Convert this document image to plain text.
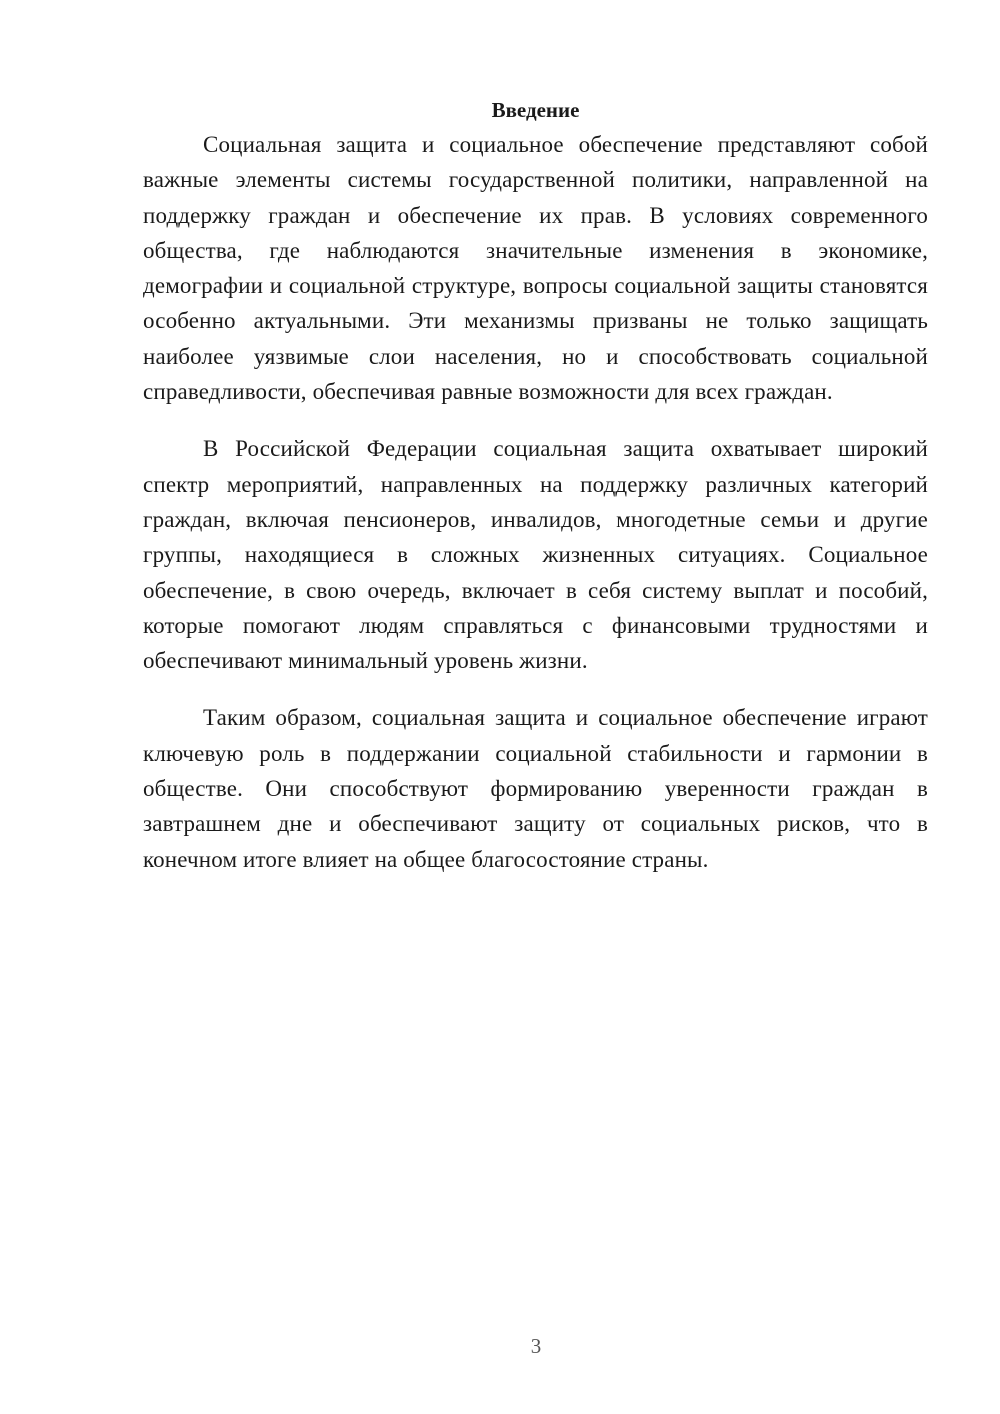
Введение

Социальная защита и социальное обеспечение представляют собой важные элементы системы государственной политики, направленной на поддержку граждан и обеспечение их прав. В условиях современного общества, где наблюдаются значительные изменения в экономике, демографии и социальной структуре, вопросы социальной защиты становятся особенно актуальными. Эти механизмы призваны не только защищать наиболее уязвимые слои населения, но и способствовать социальной справедливости, обеспечивая равные возможности для всех граждан.

В Российской Федерации социальная защита охватывает широкий спектр мероприятий, направленных на поддержку различных категорий граждан, включая пенсионеров, инвалидов, многодетные семьи и другие группы, находящиеся в сложных жизненных ситуациях. Социальное обеспечение, в свою очередь, включает в себя систему выплат и пособий, которые помогают людям справляться с финансовыми трудностями и обеспечивают минимальный уровень жизни.

Таким образом, социальная защита и социальное обеспечение играют ключевую роль в поддержании социальной стабильности и гармонии в обществе. Они способствуют формированию уверенности граждан в завтрашнем дне и обеспечивают защиту от социальных рисков, что в конечном итоге влияет на общее благосостояние страны.

3
